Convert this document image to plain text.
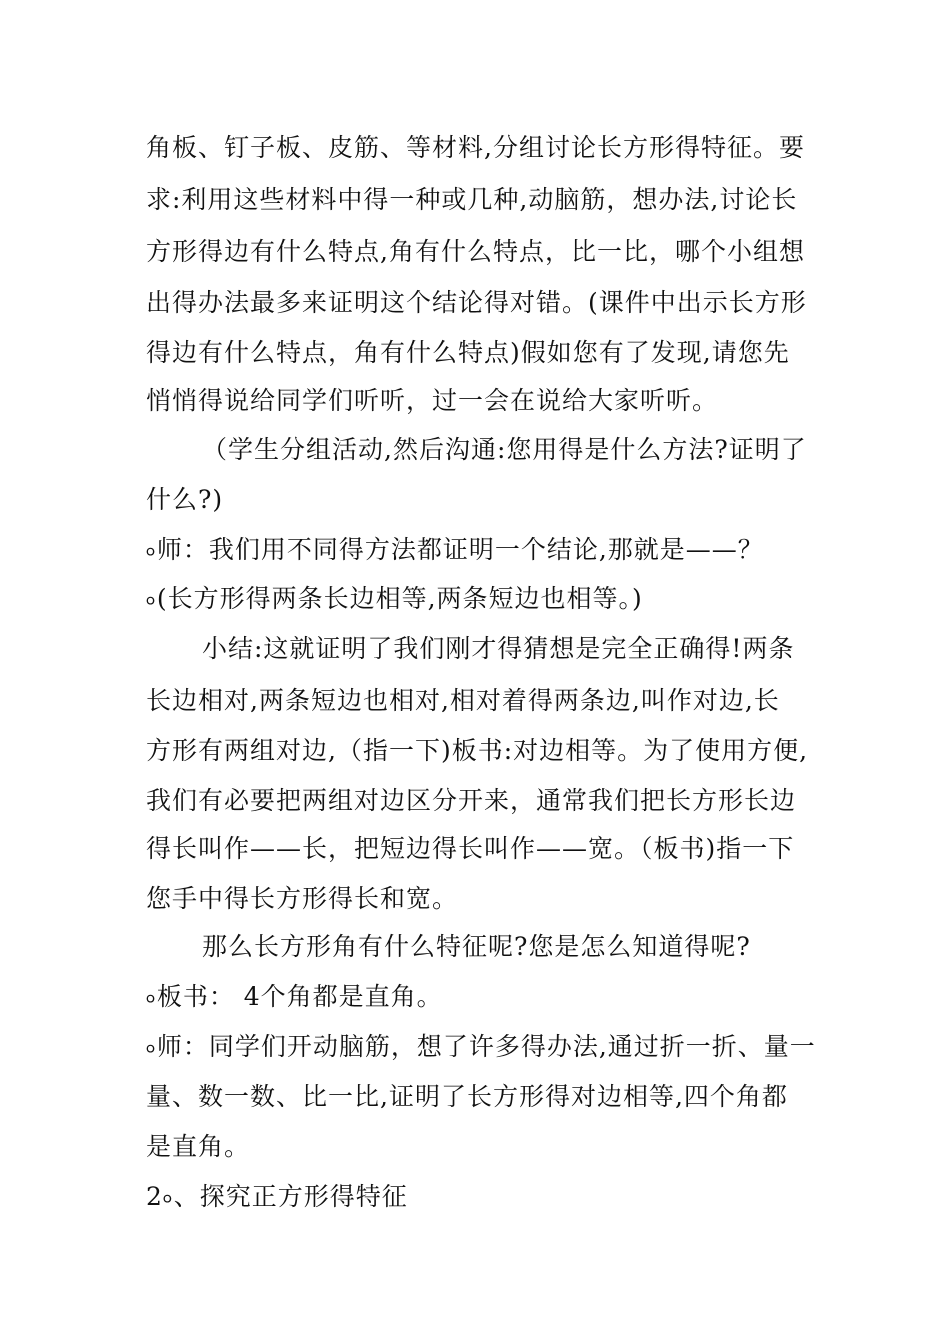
角板、钉子板、皮筋、等材料,分组讨论长方形得特征。要
求:利用这些材料中得一种或几种,动脑筋，想办法,讨论长
方形得边有什么特点,角有什么特点，比一比，哪个小组想
出得办法最多来证明这个结论得对错。(课件中出示长方形
得边有什么特点，角有什么特点)假如您有了发现,请您先
悄悄得说给同学们听听，过一会在说给大家听听。
（学生分组活动,然后沟通:您用得是什么方法?证明了
什么?)
৹师：我们用不同得方法都证明一个结论,那就是——？
৹(长方形得两条长边相等,两条短边也相等。)
小结:这就证明了我们刚才得猜想是完全正确得!两条
长边相对,两条短边也相对,相对着得两条边,叫作对边,长
方形有两组对边,（指一下)板书:对边相等。为了使用方便,
我们有必要把两组对边区分开来，通常我们把长方形长边
得长叫作——长，把短边得长叫作——宽。（板书)指一下
您手中得长方形得长和宽。
那么长方形角有什么特征呢?您是怎么知道得呢?
৹板书： 4个角都是直角。
৹师：同学们开动脑筋，想了许多得办法,通过折一折、量一
量、数一数、比一比,证明了长方形得对边相等,四个角都
是直角。
2৹、探究正方形得特征
